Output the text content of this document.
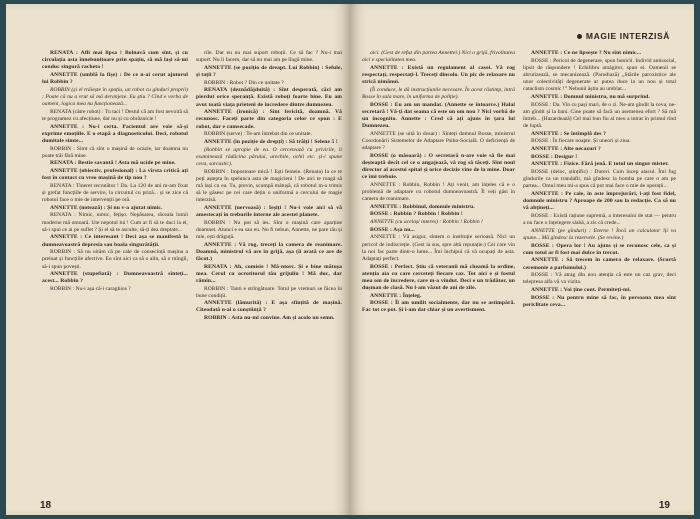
RENATA : Afli mai lipsa ! Bolnavă cum sînt, și cu circulația asta înnebunitoare prin spațiu, să mă lași să-mi conduc singură racheta !

ANNETTE (umblă la fișe) : De ce n-ai cerut ajutorul lui Robbin ?

ROBBIN (și el trăiește în spațiu, un robot cu gînduri proprii) : Poate că nu a vrut să mă deranjeze. Eu știu ? Cînd e vorba de oameni, logica mea nu funcționează...

RENATA (către robot) : Tu taci ! Destul că am fost nevoită să te programez cu afecțiune, dar nu și cu obrăznicie !

ANNETTE : Nu-i certa. Pacientul are voie să-și exprime emoțiile. E o etapă a diagnosticului. Deci, robotul dumitale simte...

ROBBIN : Simt că sînt o mașină de ocazie, iar doamna nu poate trăi fără mine.

RENATA : Bestie savantă ! Asta mă ucide pe mine.

ANNETTE (obiectiv, profesional) : La vîrsta critică ați fost în contact cu vreo mașină de tip nou ?

RENATA : Tineret recrutător ! Da. La 120 de ani m-am fixat și grefat funcțiile de servire, la circuitul cu priză... și se zice că robotul face o mie de intervenții pe oră.

ANNETTE (notează) : Și nu v-a ajutat nimic.

RENATA : Nimic, nimic, fețișo. Nepăsarea, răceala lumii moderne mă omoară. Ute nepotul lui ! Cum ar fi să te duci la el, să-i spui ce ai pe suflet ? Și el să te asculte, să-ți dea dreptate...

ANNETTE : Ce interesant ! Deci așa se manifestă la dumneavoastră depresia sau boala singurătății.

ROBBIN : Să nu uităm că pe cale de consecință mașina a preluat și funcțiile afective. Eu sînt aici ca să o alin, să o mîngîi, să-i spun povești.

ANNETTE (stupefiată) : Dumneavoastră sînteți... acest... Robbin ?

ROBBIN : Nu-i așa că-i caraghios ?

rile. Dar eu nu mai suport roboții. Ce să fac ? Nu-i mai suport. Nu îi facem, dar să nu mai am pe lîngă mine.

ANNETTE (se pozițio de dreapt. Lui Robbin) : Sefule, și tații ?

ROBBIN : Robot ? Din ce unitate ?

RENATA (deznădăjduită) : Sînt desperată, căci am pierdut orice speranță. Există roboți foarte bine. Eu am avut toată viața prieteni de încredere dintre dumnezeu.

ANNETTE (ironică) : Sînt fericită, doamnă. Vă recunosc. Faceți parte din categoria celor ce spun : E robot, dar e cumsecade.

ROBBIN (serve) : Te-am întrebat din ce unitate.

ANNETTE (în poziție de drepți) : Să trăiți ! Selene 5 !

(Robbin se apropie de ea. O cercetează cu privirile, îi examinează rădăcina părului, urechile, ochii etc. și-i spune ceva, sarcastic).

ROBBIN : Impostoare mică ! Ești femeie. (Renata) Ia ce te poți aștepta în spelunca asta de magicieni ! De aici te roagă să mă lași cu ea. Tu, previn, scumpă mătușă, că robotul m-a trimis să le găsesc pe cei care dețin o uniformă a cercului de magie interzisă.

ANNETTE (nervoasă) : Ieșiți ! Nu-i voie aici să vă amestecați în treburile interne ale acestei planete.

ROBBIN : Nu pot să ies. Sînt o mașină care aparține doamnei. Atunci e ea sau eu. Nu fi nebun, Annette, ne pare rău și mie, ești drăguță.

ANNETTE : Vă rog, treceți la camera de reanimare. Doamnă, ministrul vă are în grijă, așa (îi arată ce are de făcut.)

RENATA : Ah, comisie ! Mă-ntorc. Și e bine mătușa mea. Cerul cu ocrotitorul tău grijuliu ! Mă duc, dar rămîn...

ROBBIN : Tanti e strîngătoare. Totul pe vremuri se făcea în bune condiții.

ANNETTE (lămurită) : E așa sfințită de mașină. Cîteodată n-ai o conștiință ?

ROBBIN : Asta nu-mi convine. Am și acolo un semn.

18
MAGIE INTERZISĂ

aici. (Gest de refuz din partea Annettei.) Nici o grijă, frivolitatea aici e specialitatea mea.

ANNETTE : Există un regulament al casei. Vă rog respectați, respectați-l. Treceți dincolo. Un pic de relaxare nu strică nimănui.

(Îi conduce, le dă instrucțiunile necesare. În acest răstimp, intră Bosse în sala mare, în uniforma de poliție).

BOSSE : Eu am un mandat. (Annette se întoarce.) Halal secretară ! Vă-ți dat seama că este un om nou ? Nici vorbă de un incognito. Annette : Cred că ați ajuns în țara lui Dumnezeu.

ANNETTE (se uită în dosar) : Sînteți domnul Bosse, ministrul Coordonării Sistemelor de Adaptare Psiho-Socială. O deficiență de adaptare ?

BOSSE (o măsoară) : O secretară n-are voie să fie mai deșteaptă decît cel ce o angajează, vă rog să tăceți. Sînt noul director al acestui spital și orice decizie vine de la mine. Doar ce îmi trebuie.

ANNETTE : Robbin, Robbin ! Ați venit, am înțeles că e o problemă de adaptare cu robotul dumneavoastră. Îl veți găsi în camera de reanimare.

ANNETTE : Robbinul, domnule ministru.

BOSSE : Robbin ? Robbin ! Robbin !

ANNETTE (cu același interes) : Robbin ! Robbin !

BOSSE : Așa nu...

ANNETTE : Vă asigur, sîntem o instituție serioasă. Nici un pericol de indiscreție. (Gest la sus, spre altă reputație.) Cei care vin la noi fac parte dintr-o lume... Îmi închipui că vă ocupați de asta. Adaptați perfect.

BOSSE : Perfect. Știu că veteranii mă cheamă la ordine, atenția aia cu care cerceteți fiecare caz. Tot aici e și fostul meu om de încredere, care m-a vîndut. Deci e un trădător, un dușman de clasă. Nu l-am văzut de ani de zile.

ANNETTE : Înțeleg.

BOSSE : Îl am umilit socialmente, dar nu se astîmpără. Fac tot ce pot. Și i-am dat chiar și un avertisment.

ANNETTE : Ce ne lipsește ? Nu sînt nimic...

BOSSE : Pericol de degenerare, spun bunicii. Individ antisocial, lipsit de răspundere ! Echilibru amăgitor, spun ei. Oamenii se abrutizează, se mecanizează. (Parodiază) „Stările paroxistice ale unor colectivități degenerate ar putea duce la un nou și total cataclism cosmic !” Nebunii ăștia au umblat...

ANNETTE : Domnul ministru, nu mă surprind.

BOSSE : Da. Vin cu pași mari, de o zi. Ne-am gîndit la ceva, ne-am gîndit și la bani. Cine poate să facă un asemenea efort ? Să mă întreb... (Hazardează) Cel mai bun fiu al meu a intrat în primul rînd de luptă.

ANNETTE : Se întîmplă des ?

BOSSE : În fiecare noapte. Și uneori și ziua.

ANNETTE : Alte necazuri ?

BOSSE : Desigur !

ANNETTE : Fizice. Fără jenă. E totul un singur mister.

BOSSE (deloc, ștințific) : Dureri. Cum încep atacul. Îmi fug gîndurile ca un trandafir, mă gîndesc la bomba pe care o am pe partea... Omul meu mi-a spus că pot mai face o mie de operații...

ANNETTE : Pe cale, în aste împrejurări, i-ați fost fidel, domnule ministru ? Aproape de 200 sau la redacție. Ca să nu vă abțineți...

BOSSE : Există rațiune supremă, a interesului de stat — pentru a nu face o înțelegere slabă, a zis că crede...

ANNETTE (pe gînduri) : Eterne ! Încă un calculator îți va spune... Mă gîndesc la rezervele. (Se revine.)

BOSSE : Opera lor ! Au ajuns și se recunosc cele, ca și cum totul ar fi fost mai dulce în trecut.

ANNETTE : Să trecem în camera de relaxare. (Scurtă ceremonie a parfumului.)

BOSSE : Vă atrag din nou atenția că este un caz grav, deci telepresa alfa vă va vizita.

ANNETTE : Voi ține cont. Permiteți-mi.

BOSSE : Nu pentru mine să fac, în persoana mea sînt periclitate ceva...

19
